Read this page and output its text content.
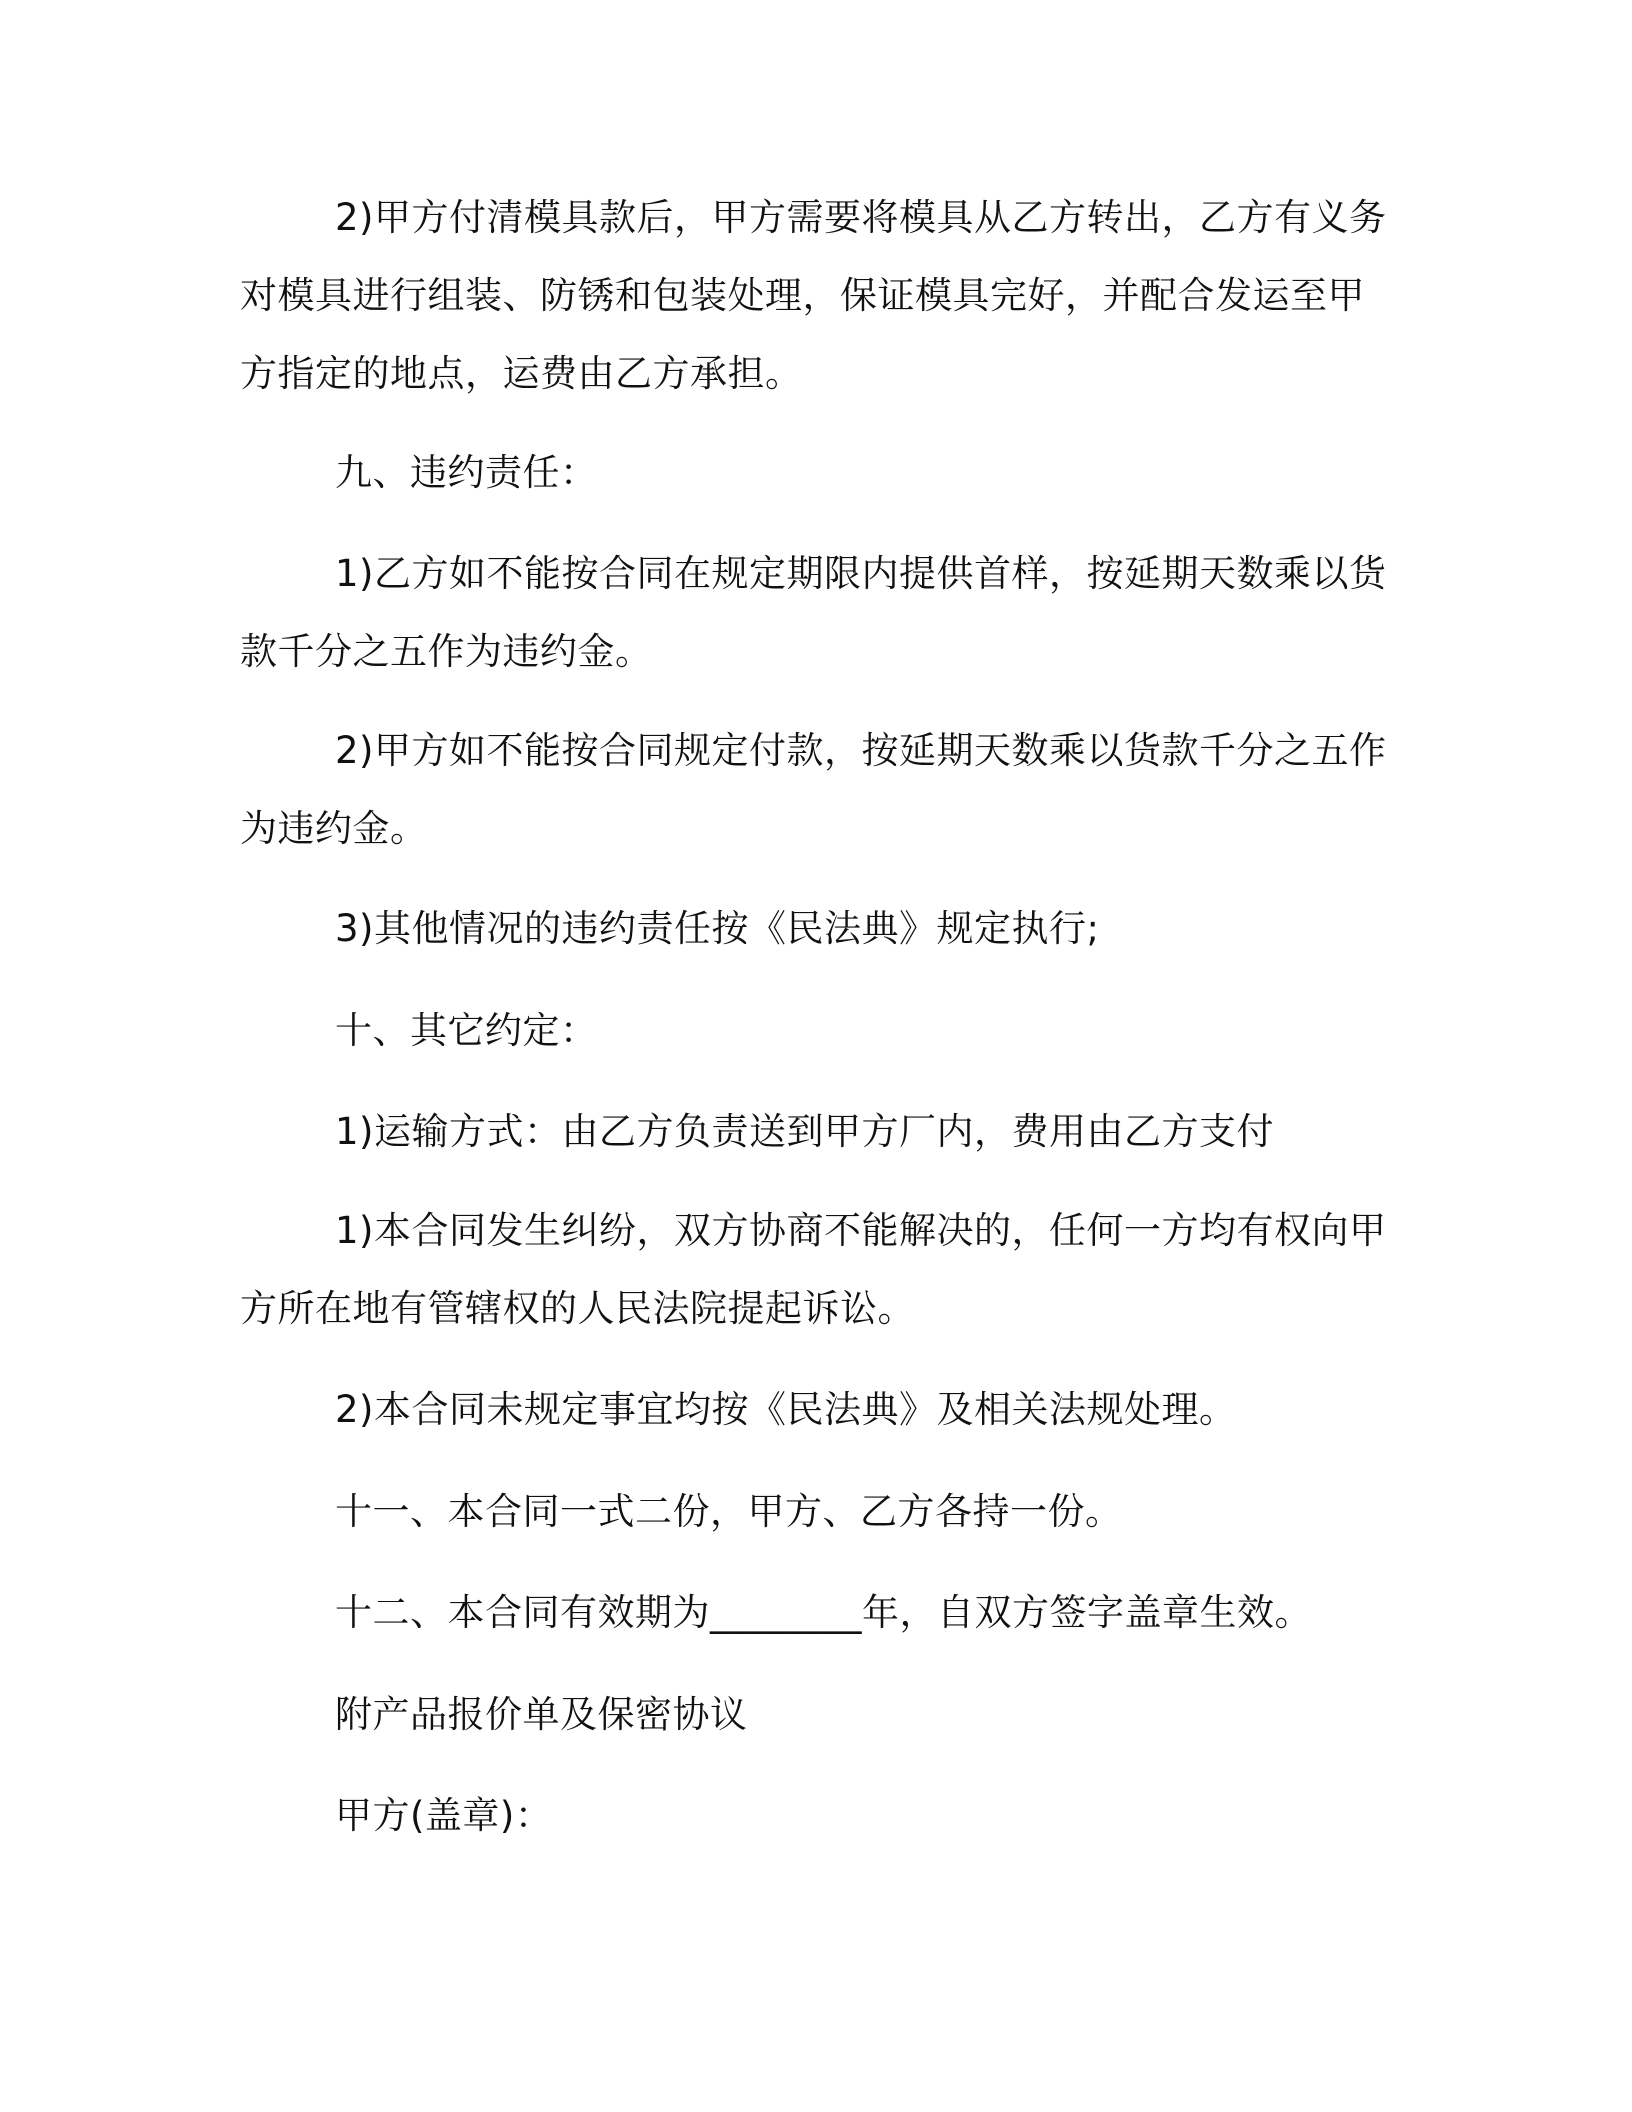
2)甲方付清模具款后，甲方需要将模具从乙方转出，乙方有义务
对模具进行组装、防锈和包装处理，保证模具完好，并配合发运至甲
方指定的地点，运费由乙方承担。
九、违约责任：
1)乙方如不能按合同在规定期限内提供首样，按延期天数乘以货
款千分之五作为违约金。
2)甲方如不能按合同规定付款，按延期天数乘以货款千分之五作
为违约金。
3)其他情况的违约责任按《民法典》规定执行;
十、其它约定：
1)运输方式：由乙方负责送到甲方厂内，费用由乙方支付
1)本合同发生纠纷，双方协商不能解决的，任何一方均有权向甲
方所在地有管辖权的人民法院提起诉讼。
2)本合同未规定事宜均按《民法典》及相关法规处理。
十一、本合同一式二份，甲方、乙方各持一份。
十二、本合同有效期为________年，自双方签字盖章生效。
附产品报价单及保密协议
甲方(盖章)：
